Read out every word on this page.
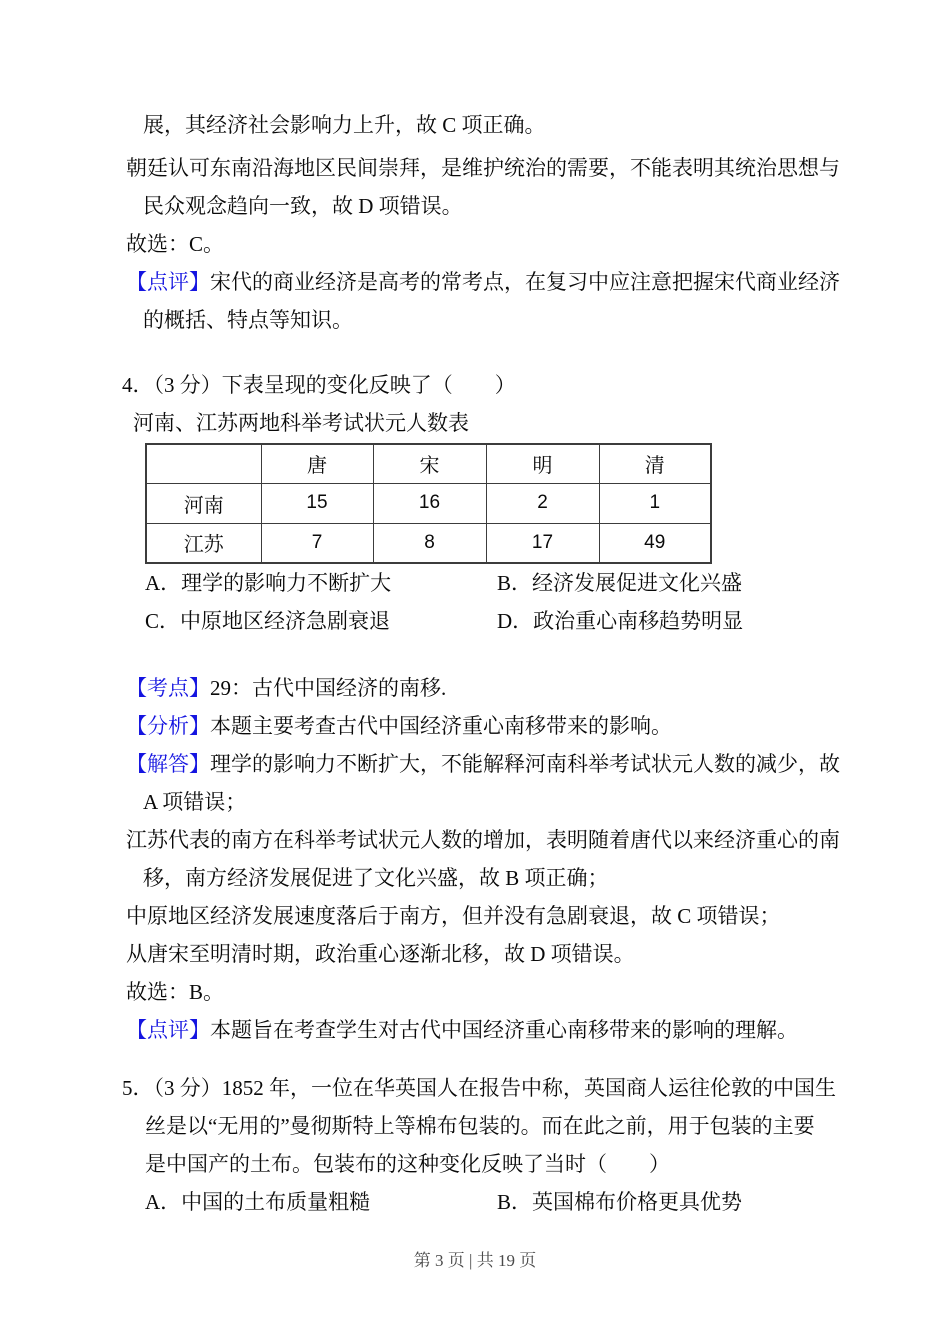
展，其经济社会影响力上升，故 C 项正确。
朝廷认可东南沿海地区民间崇拜，是维护统治的需要，不能表明其统治思想与
民众观念趋向一致，故 D 项错误。
故选：C。
【点评】宋代的商业经济是高考的常考点，在复习中应注意把握宋代商业经济
的概括、特点等知识。
4．（3 分）下表呈现的变化反映了（　　）
河南、江苏两地科举考试状元人数表
	唐	宋	明	清
河南	15	16	2	1
江苏	7	8	17	49
A．理学的影响力不断扩大	B．经济发展促进文化兴盛
C．中原地区经济急剧衰退	D．政治重心南移趋势明显
【考点】29：古代中国经济的南移.
【分析】本题主要考查古代中国经济重心南移带来的影响。
【解答】理学的影响力不断扩大，不能解释河南科举考试状元人数的减少，故
A 项错误；
江苏代表的南方在科举考试状元人数的增加，表明随着唐代以来经济重心的南
移，南方经济发展促进了文化兴盛，故 B 项正确；
中原地区经济发展速度落后于南方，但并没有急剧衰退，故 C 项错误；
从唐宋至明清时期，政治重心逐渐北移，故 D 项错误。
故选：B。
【点评】本题旨在考查学生对古代中国经济重心南移带来的影响的理解。
5．（3 分）1852 年，一位在华英国人在报告中称，英国商人运往伦敦的中国生
丝是以“无用的”曼彻斯特上等棉布包装的。而在此之前，用于包装的主要
是中国产的土布。包装布的这种变化反映了当时（　　）
A．中国的土布质量粗糙	B．英国棉布价格更具优势
第 3 页 | 共 19 页
